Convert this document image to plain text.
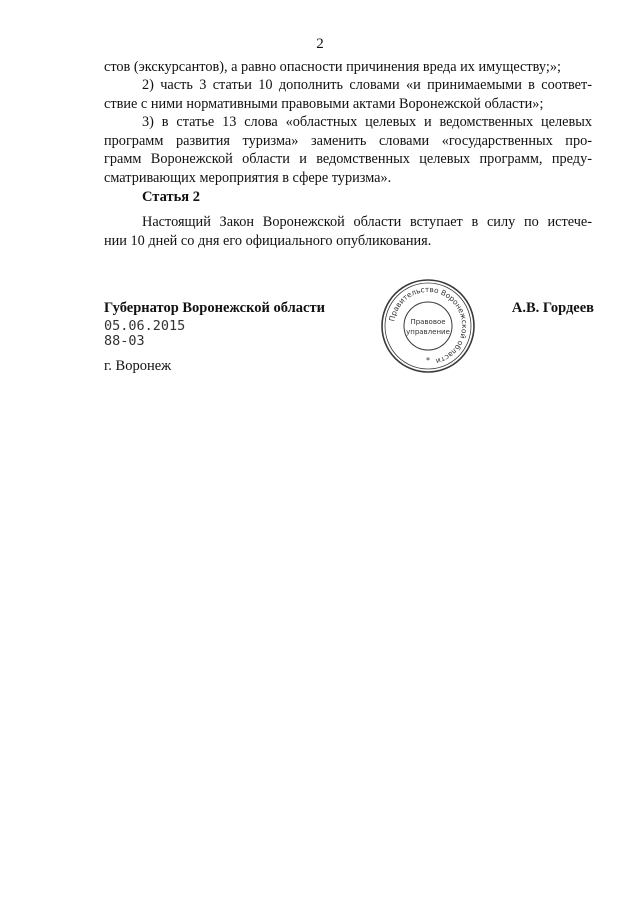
2
стов (экскурсантов), а равно опасности причинения вреда их имуществу;»;
2) часть 3 статьи 10 дополнить словами «и принимаемыми в соответ-
ствие с ними нормативными правовыми актами Воронежской области»;
3) в статье 13 слова «областных целевых и ведомственных целевых
программ развития туризма» заменить словами «государственных про-
грамм Воронежской области и ведомственных целевых программ, преду-
сматривающих мероприятия в сфере туризма».
Статья 2
Настоящий Закон Воронежской области вступает в силу по истече-
нии 10 дней со дня его официального опубликования.
Губернатор Воронежской области	А.В. Гордеев
05.06.2015
88-03
г. Воронеж
Правительство Воронежской области
Правовое
управление
*
